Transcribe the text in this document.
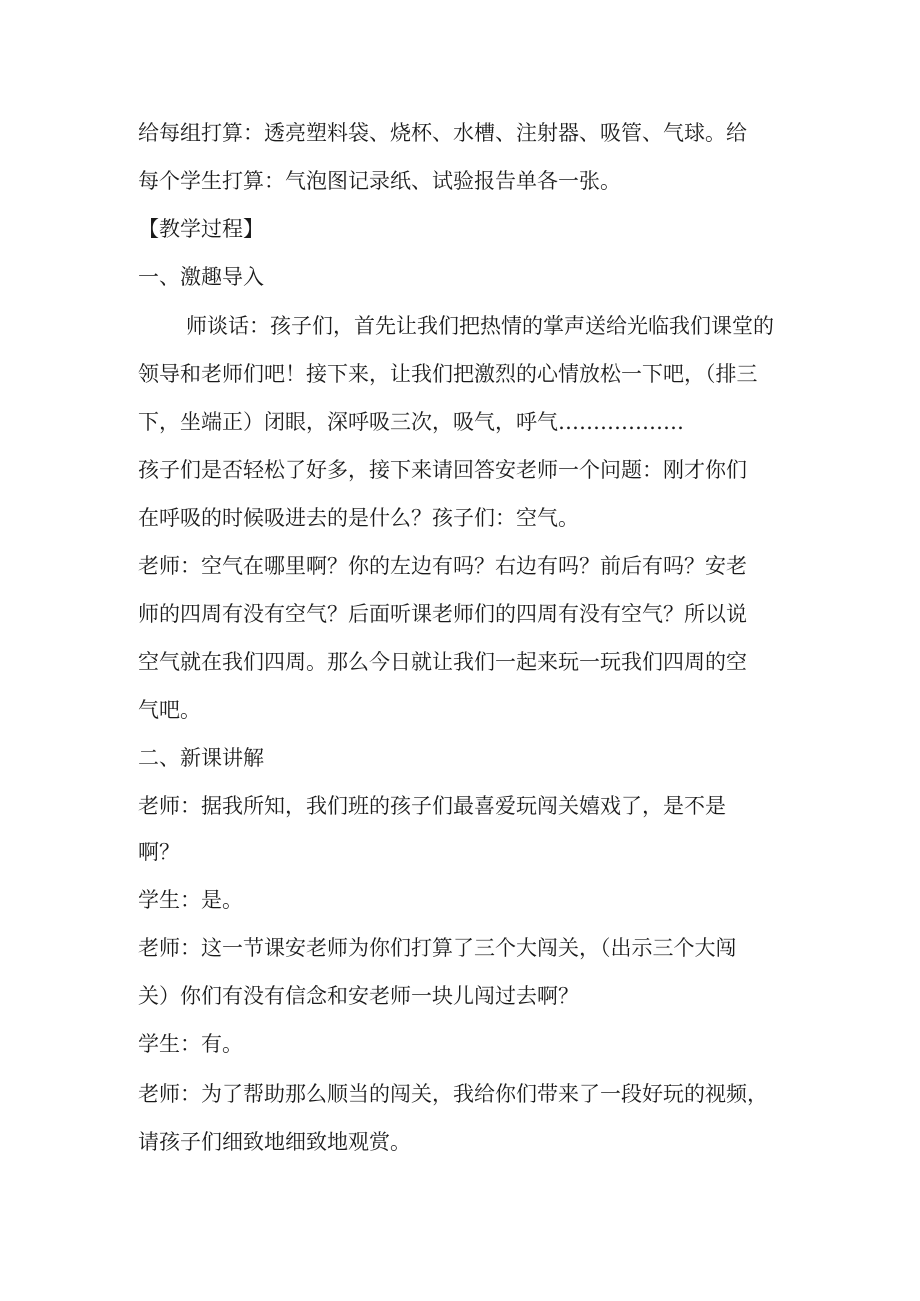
给每组打算：透亮塑料袋、烧杯、水槽、注射器、吸管、气球。给
每个学生打算：气泡图记录纸、试验报告单各一张。
【教学过程】
一、激趣导入
师谈话：孩子们，首先让我们把热情的掌声送给光临我们课堂的
领导和老师们吧！接下来，让我们把激烈的心情放松一下吧，（排三
下，坐端正）闭眼，深呼吸三次，吸气，呼气………………
孩子们是否轻松了好多，接下来请回答安老师一个问题：刚才你们
在呼吸的时候吸进去的是什么？孩子们：空气。
老师：空气在哪里啊？你的左边有吗？右边有吗？前后有吗？安老
师的四周有没有空气？后面听课老师们的四周有没有空气？所以说
空气就在我们四周。那么今日就让我们一起来玩一玩我们四周的空
气吧。
二、新课讲解
老师：据我所知，我们班的孩子们最喜爱玩闯关嬉戏了，是不是
啊？
学生：是。
老师：这一节课安老师为你们打算了三个大闯关，（出示三个大闯
关）你们有没有信念和安老师一块儿闯过去啊？
学生：有。
老师：为了帮助那么顺当的闯关，我给你们带来了一段好玩的视频，
请孩子们细致地细致地观赏。
